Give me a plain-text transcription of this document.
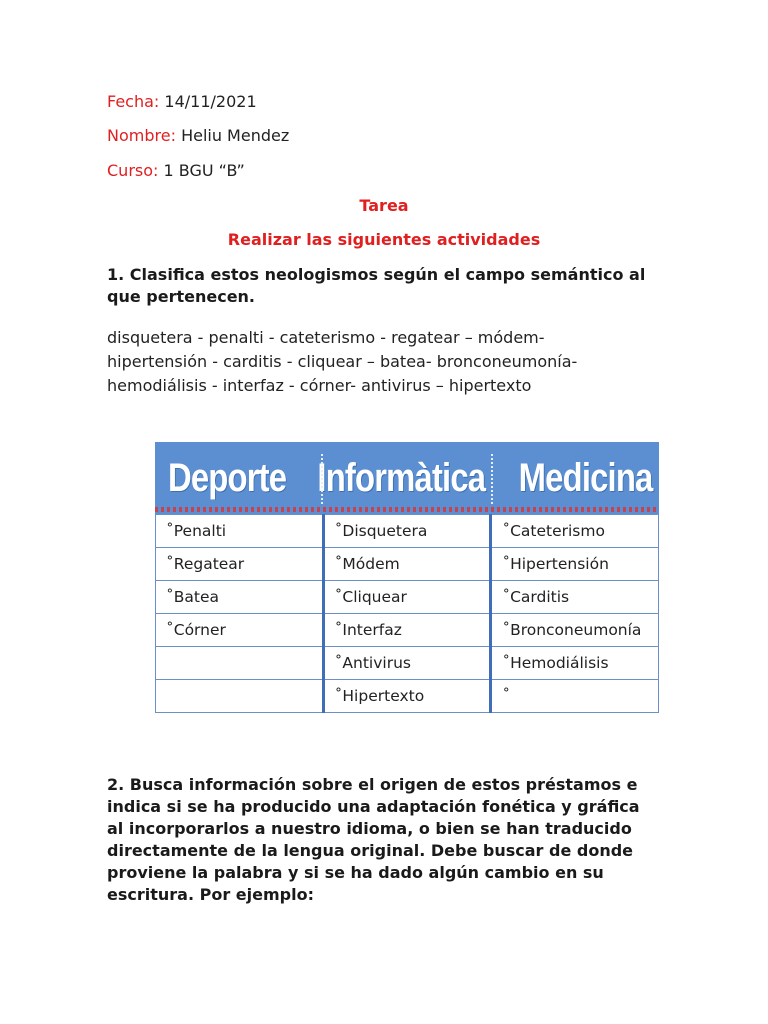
Fecha: 14/11/2021
Nombre: Heliu Mendez
Curso: 1 BGU “B”
Tarea
Realizar las siguientes actividades
1. Clasifica estos neologismos según el campo semántico al que pertenecen.
disquetera - penalti - cateterismo - regatear – módem-
hipertensión - carditis - cliquear – batea- bronconeumonía-
hemodiálisis - interfaz - córner- antivirus – hipertexto
Deporte Informàtica Medicina
˚Penalti	˚Disquetera	˚Cateterismo
˚Regatear	˚Módem	˚Hipertensión
˚Batea	˚Cliquear	˚Carditis
˚Córner	˚Interfaz	˚Bronconeumonía
	˚Antivirus	˚Hemodiálisis
	˚Hipertexto	˚
2. Busca información sobre el origen de estos préstamos e indica si se ha producido una adaptación fonética y gráfica al incorporarlos a nuestro idioma, o bien se han traducido directamente de la lengua original. Debe buscar de donde proviene la palabra y si se ha dado algún cambio en su escritura. Por ejemplo:
